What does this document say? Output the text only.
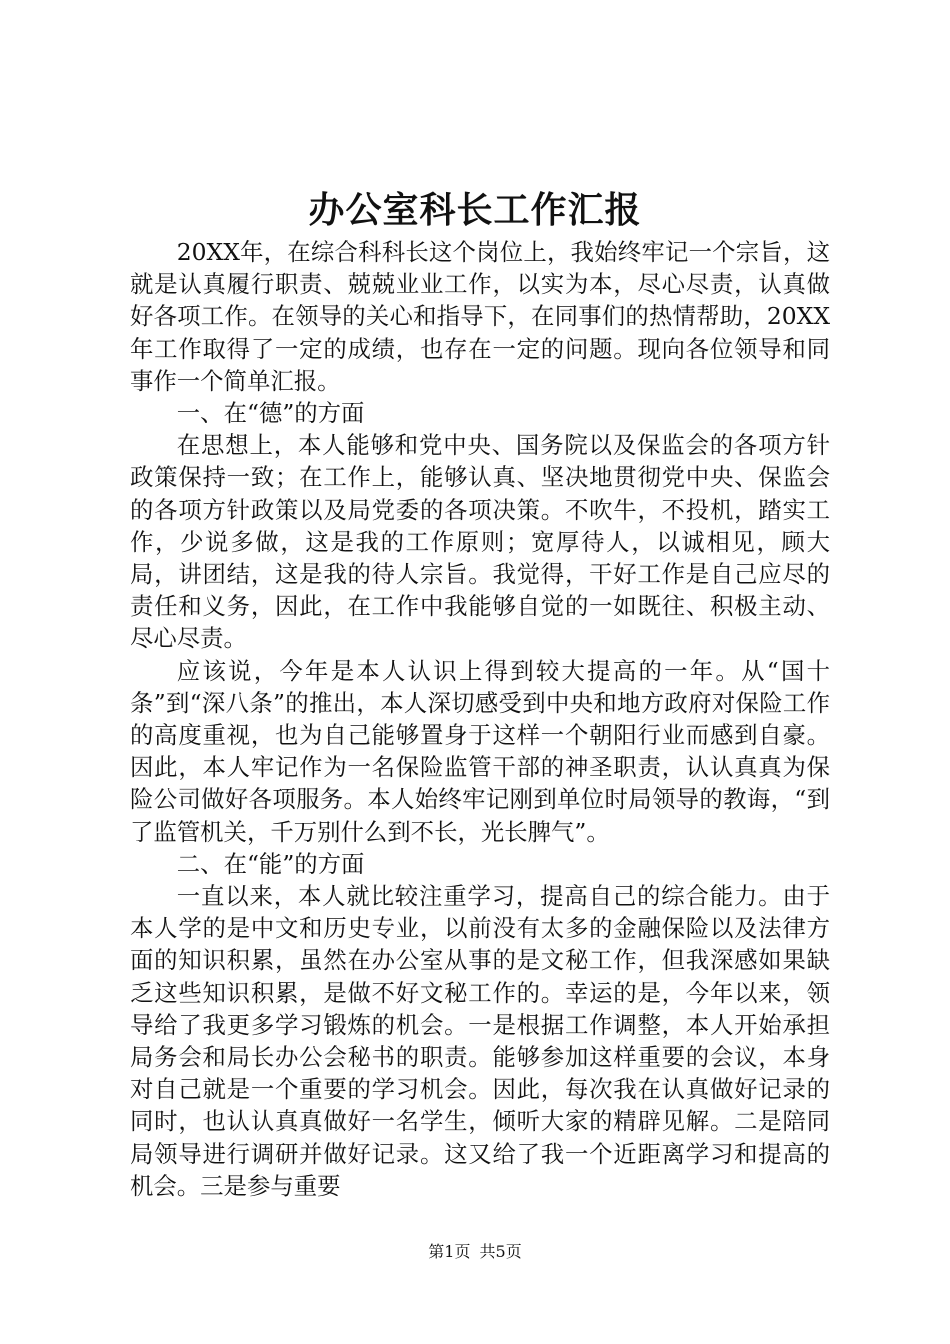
办公室科长工作汇报

20XX年，在综合科科长这个岗位上，我始终牢记一个宗旨，这就是认真履行职责、兢兢业业工作，以实为本，尽心尽责，认真做好各项工作。在领导的关心和指导下，在同事们的热情帮助，20XX年工作取得了一定的成绩，也存在一定的问题。现向各位领导和同事作一个简单汇报。

一、在“德”的方面

在思想上，本人能够和党中央、国务院以及保监会的各项方针政策保持一致；在工作上，能够认真、坚决地贯彻党中央、保监会的各项方针政策以及局党委的各项决策。不吹牛，不投机，踏实工作，少说多做，这是我的工作原则；宽厚待人，以诚相见，顾大局，讲团结，这是我的待人宗旨。我觉得，干好工作是自己应尽的责任和义务，因此，在工作中我能够自觉的一如既往、积极主动、尽心尽责。

应该说，今年是本人认识上得到较大提高的一年。从“国十条”到“深八条”的推出，本人深切感受到中央和地方政府对保险工作的高度重视，也为自己能够置身于这样一个朝阳行业而感到自豪。因此，本人牢记作为一名保险监管干部的神圣职责，认认真真为保险公司做好各项服务。本人始终牢记刚到单位时局领导的教诲，“到了监管机关，千万别什么到不长，光长脾气”。

二、在“能”的方面

一直以来，本人就比较注重学习，提高自己的综合能力。由于本人学的是中文和历史专业，以前没有太多的金融保险以及法律方面的知识积累，虽然在办公室从事的是文秘工作，但我深感如果缺乏这些知识积累，是做不好文秘工作的。幸运的是，今年以来，领导给了我更多学习锻炼的机会。一是根据工作调整，本人开始承担局务会和局长办公会秘书的职责。能够参加这样重要的会议，本身对自己就是一个重要的学习机会。因此，每次我在认真做好记录的同时，也认认真真做好一名学生，倾听大家的精辟见解。二是陪同局领导进行调研并做好记录。这又给了我一个近距离学习和提高的机会。三是参与重要

第1页 共5页
